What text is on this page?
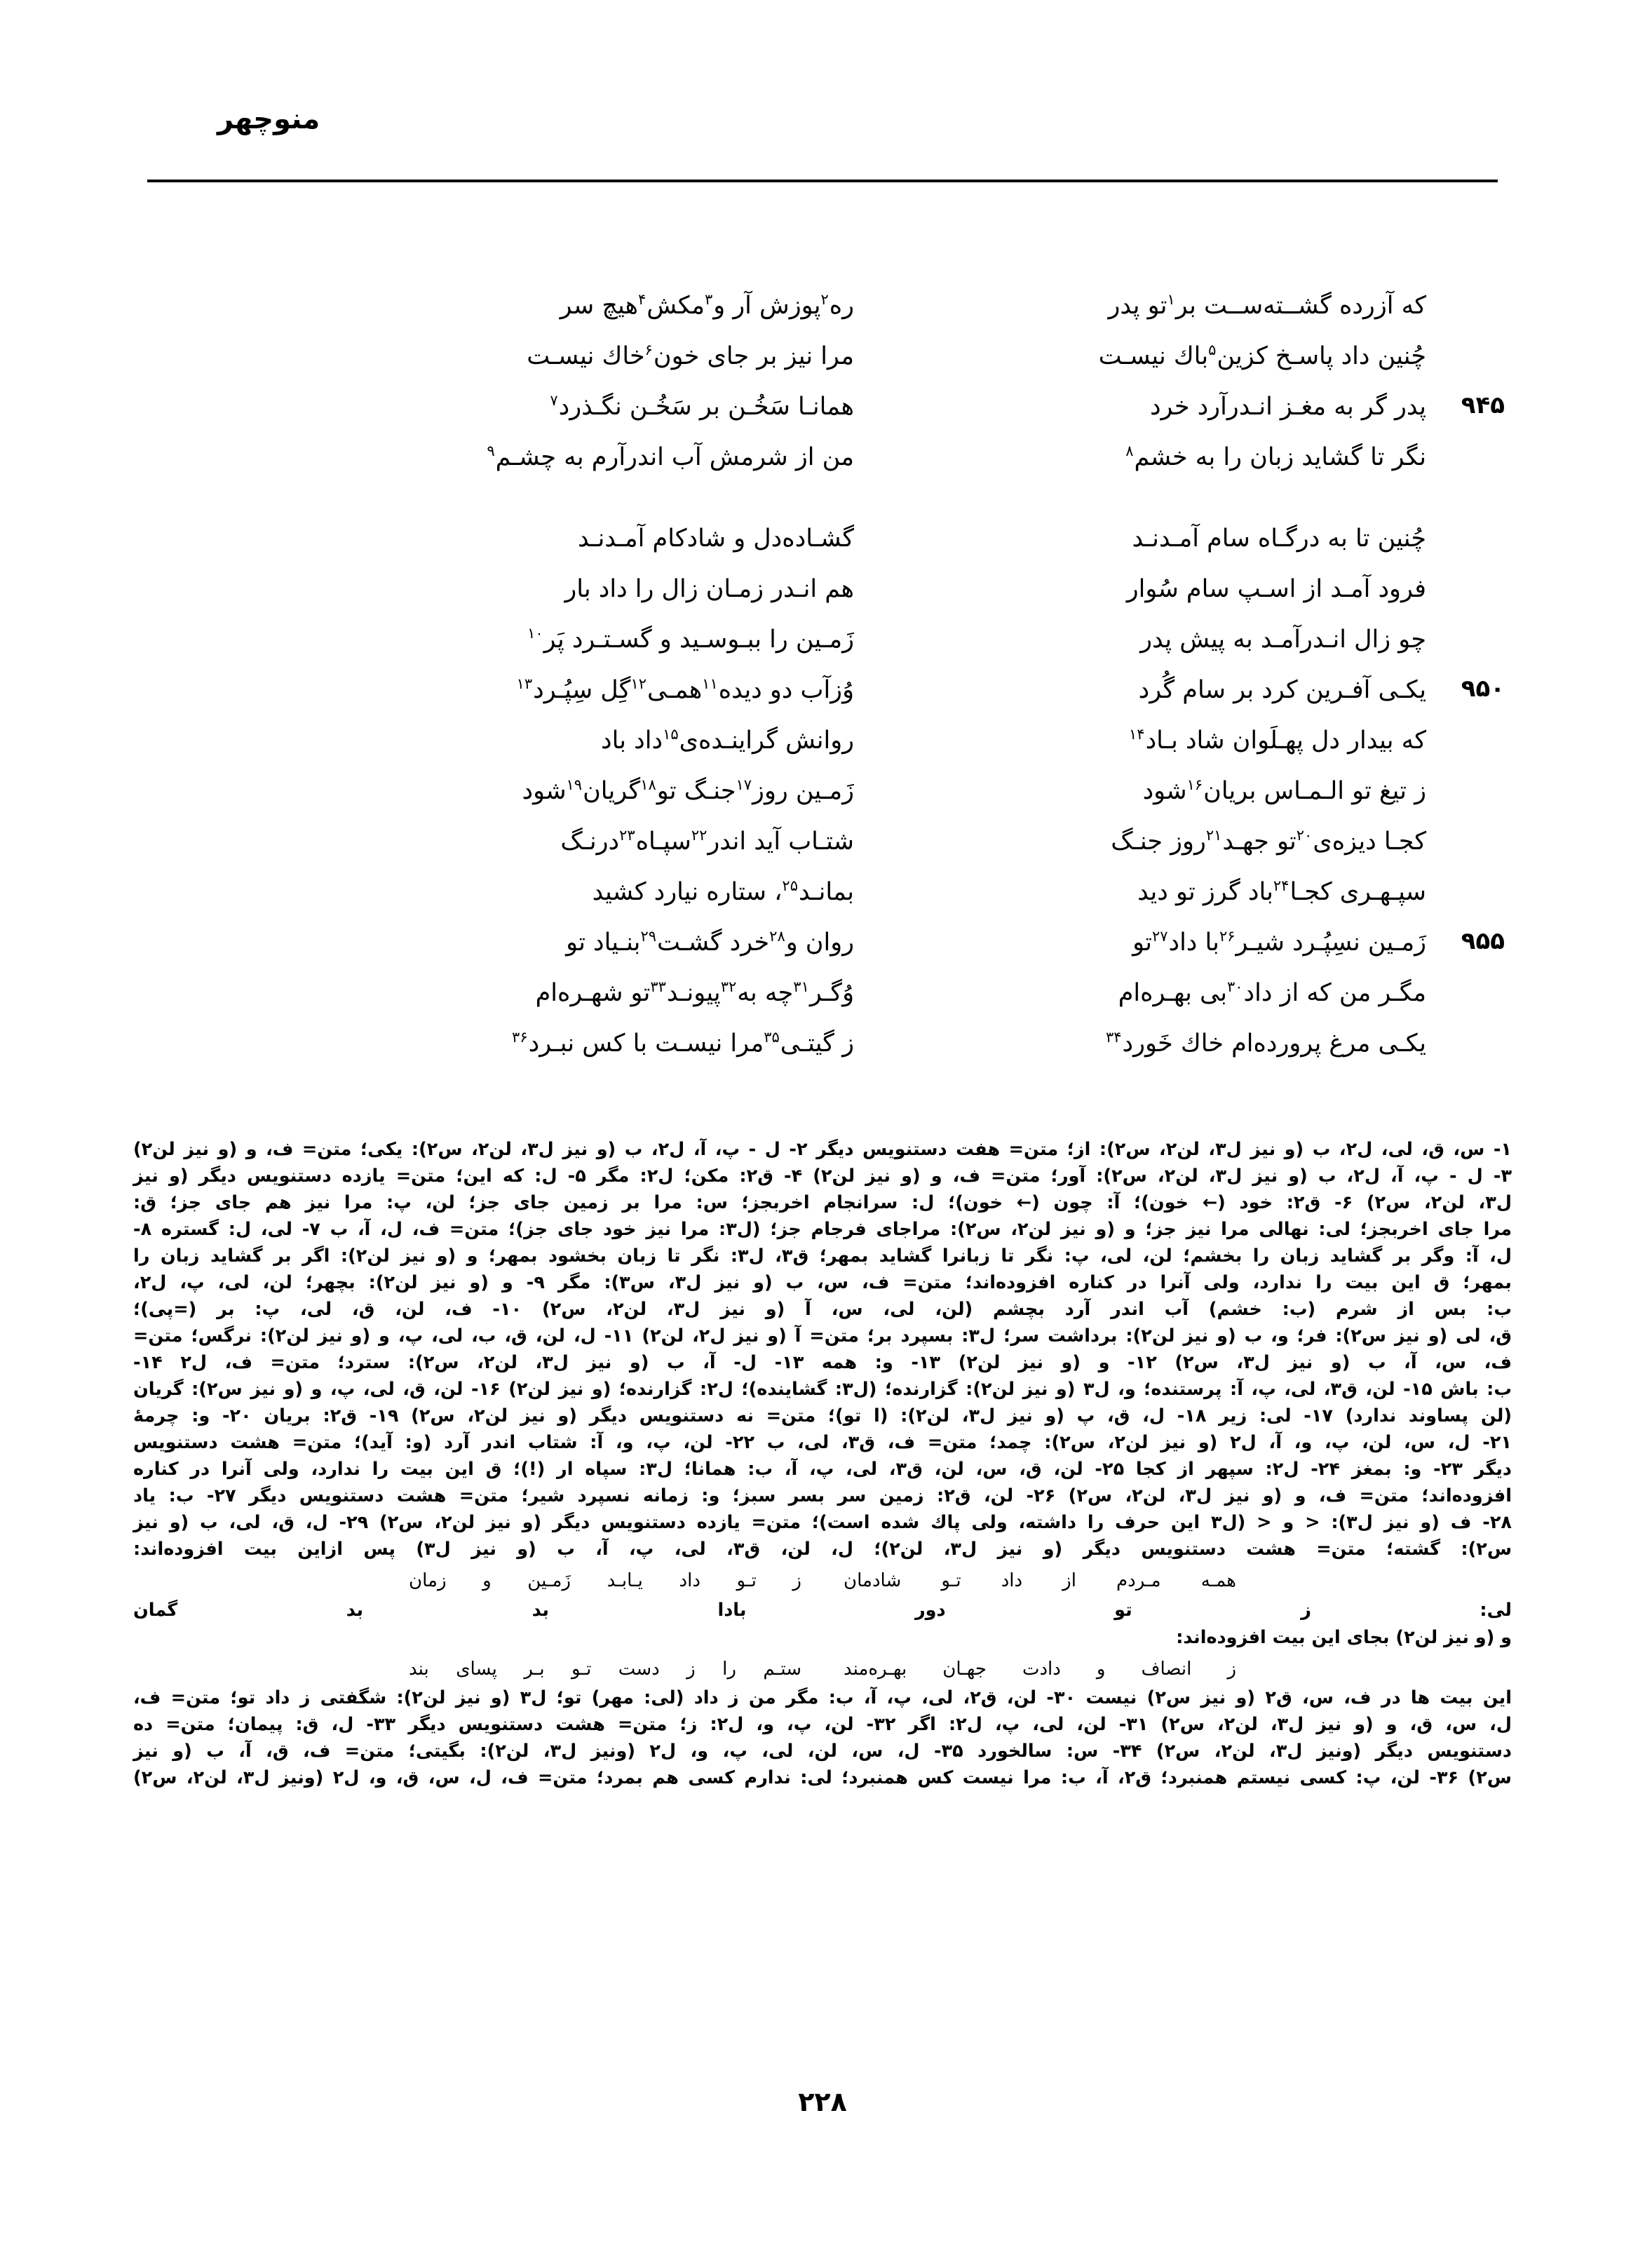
منوچهر
که آزرده گشــته‌ســت بر$^۱$تو پدر
ره$^۲$پوزش آر و$^۳$مکش$^۴$هیچ سر
چُنین داد پاسـخ کزین$^۵$باك نیسـت
مرا نیز بر جای خون$^۶$خاك نیسـت
۹۴۵
پدر گر به مغـز انـدرآرد خرد
همانـا سَخُـن بر سَخُـن نگـذرد$^۷$
نگر تا گشاید زبان را به خشم$^۸$
من از شرمش آب اندرآرم به چشـم$^۹$
چُنین تا به درگـاه سام آمـدنـد
گشـاده‌دل و شادکام آمـدنـد
فرود آمـد از اسـپ سام سُوار
هم انـدر زمـان زال را داد بار
چو زال انـدرآمـد به پیش پدر
زَمـین را ببـوسـید و گسـتـرد پَر$^{۱۰}$
۹۵۰
یکـی آفـرین کرد بر سام گُرد
وُزآب دو دیده$^{۱۱}$همـی$^{۱۲}$گِل سِپُـرد$^{۱۳}$
که بیدار دل پهـلَوان شاد بـاد$^{۱۴}$
روانش گراینـده‌ی$^{۱۵}$داد باد
ز تیغ تو الـمـاس بریان$^{۱۶}$شود
زَمـین روز$^{۱۷}$جنـگ تو$^{۱۸}$گریان$^{۱۹}$شود
کجـا دیزه‌ی$^{۲۰}$تو جهـد$^{۲۱}$روز جنـگ
شتـاب آید اندر$^{۲۲}$سپـاه$^{۲۳}$درنـگ
سپـهـری کجـا$^{۲۴}$باد گرز تو دید
بمانـد$^{۲۵}$، ستاره نیارد کشید
۹۵۵
زَمـین نسِپُـرد شیـر$^{۲۶}$با داد$^{۲۷}$تو
روان و$^{۲۸}$خرد گشـت$^{۲۹}$بنـیاد تو
مگـر من که از داد$^{۳۰}$بی بهـره‌ام
وُگـر$^{۳۱}$چه به$^{۳۲}$پیونـد$^{۳۳}$تو شهـره‌ام
یکـی مرغ پرورده‌ام خاك خَورد$^{۳۴}$
ز گیتـی$^{۳۵}$مرا نیسـت با کس نبـرد$^{۳۶}$
۱- س، ق، لی، ل٢، ب (و نیز ل٣، لن٢، س٢): از؛ متن= هفت دستنویس دیگر ۲- ل - پ، آ، ل٢، ب (و نیز ل٣، لن٢، س٢): یکی؛ متن= ف، و (و نیز لن٢)
۳- ل - پ، آ، ل٢، ب (و نیز ل٣، لن٢، س٢): آور؛ متن= ف، و (و نیز لن٢) ۴- ق٢: مکن؛ ل٢: مگر ۵- ل: که این؛ متن= یازده دستنویس دیگر (و نیز
ل٣، لن٢، س٢) ۶- ق٢: خود (← خون)؛ آ: چون (← خون)؛ ل: سرانجام اخربجز؛ س: مرا بر زمین جای جز؛ لن، پ: مرا نیز هم جای جز؛ ق:
مرا جای اخربجز؛ لی: نهالی مرا نیز جز؛ و (و نیز لن٢، س٢): مراجای فرجام جز؛ (ل٣: مرا نیز خود جای جز)؛ متن= ف، ل، آ، ب ۷- لی، ل: گستره ۸-
ل، آ: وگر بر گشاید زبان را بخشم؛ لن، لی، پ: نگر تا زبانرا گشاید بمهر؛ ق٣، ل٣: نگر تا زبان بخشود بمهر؛ و (و نیز لن٢): اگر بر گشاید زبان را
بمهر؛ ق این بیت را ندارد، ولی آنرا در کناره افزوده‌اند؛ متن= ف، س، ب (و نیز ل٣، س٣): مگر ۹- و (و نیز لن٢): بچهر؛ لن، لی، پ، ل٢،
ب: بس از شرم (ب: خشم) آب اندر آرد بچشم (لن، لی، س، آ (و نیز ل٣، لن٢، س٢) ۱۰- ف، لن، ق، لی، پ: بر (=پی)؛
ق، لی (و نیز س٢): فر؛ و، ب (و نیز لن٢): برداشت سر؛ ل٣: بسپرد بر؛ متن= آ (و نیز ل٢، لن٢) ۱۱- ل، لن، ق، ب، لی، پ، و (و نیز لن٢): نرگس؛ متن=
ف، س، آ، ب (و نیز ل٣، س٢) ۱۲- و (و نیز لن٢) ۱۳- و: همه ۱۳- ل- آ، ب (و نیز ل٣، لن٢، س٢): سترد؛ متن= ف، ل٢ ۱۴-
ب: باش ۱۵- لن، ق٣، لی، پ، آ: پرستنده؛ و، ل٣ (و نیز لن٢): گزارنده؛ (ل٣: گشاینده)؛ ل٢: گزارنده؛ (و نیز لن٢) ۱۶- لن، ق، لی، پ، و (و نیز س٢): گریان
(لن پساوند ندارد) ۱۷- لی: زیر ۱۸- ل، ق، پ (و نیز ل٣، لن٢): (ا تو)؛ متن= نه دستنویس دیگر (و نیز لن٢، س٢) ۱۹- ق٢: بریان ۲۰- و: چرمهٔ
۲۱- ل، س، لن، پ، و، آ، ل٢ (و نیز لن٢، س٢): چمد؛ متن= ف، ق٣، لی، ب ۲۲- لن، پ، و، آ: شتاب اندر آرد (و: آید)؛ متن= هشت دستنویس
دیگر ۲۳- و: بمغز ۲۴- ل٢: سپهر از کجا ۲۵- لن، ق، س، لن، ق٣، لی، پ، آ، ب: همانا؛ ل٣: سپاه ار (!)؛ ق این بیت را ندارد، ولی آنرا در کناره
افزوده‌اند؛ متن= ف، و (و نیز ل٣، لن٢، س٢) ۲۶- لن، ق٢: زمین سر بسر سبز؛ و: زمانه نسپرد شیر؛ متن= هشت دستنویس دیگر ۲۷- ب: یاد
۲۸- ف (و نیز ل٣): < و < (ل٣ این حرف را داشته، ولی پاك شده است)؛ متن= یازده دستنویس دیگر (و نیز لن٢، س٢) ۲۹- ل، ق، لی، ب (و نیز
س٢): گشته؛ متن= هشت دستنویس دیگر (و نیز ل٣، لن٢)؛ ل، لن، ق٣، لی، پ، آ، ب (و نیز ل٣) پس ازاین بیت افزوده‌اند:
همـه مـردم از داد تـو شادمان
ز تـو داد یـابـد زَمـین و زمان
لی: ز تو دور بادا بد بد گمان
و (و نیز لن٢) بجای این بیت افزوده‌اند:
ز انصاف و دادت جهـان بهـره‌مند
ستـم را ز دست تـو بـر پسای بند
این بیت ها در ف، س، ق٢ (و نیز س٢) نیست ۳۰- لن، ق٢، لی، پ، آ، ب: مگر من ز داد (لی: مهر) تو؛ ل٣ (و نیز لن٢): شگفتی ز داد تو؛ متن= ف،
ل، س، ق، و (و نیز ل٣، لن٢، س٢) ۳۱- لن، لی، پ، ل٢: اگر ۳۲- لن، پ، و، ل٢: ز؛ متن= هشت دستنویس دیگر ۳۳- ل، ق: پیمان؛ متن= ده
دستنویس دیگر (ونیز ل٣، لن٢، س٢) ۳۴- س: سالخورد ۳۵- ل، س، لن، لی، پ، و، ل٢ (ونیز ل٣، لن٢): بگیتی؛ متن= ف، ق، آ، ب (و نیز
س٢) ۳۶- لن، پ: کسی نیستم همنبرد؛ ق٢، آ، ب: مرا نیست کس همنبرد؛ لی: ندارم کسی هم بمرد؛ متن= ف، ل، س، ق، و، ل٢ (ونیز ل٣، لن٢، س٢)
۲۲۸
